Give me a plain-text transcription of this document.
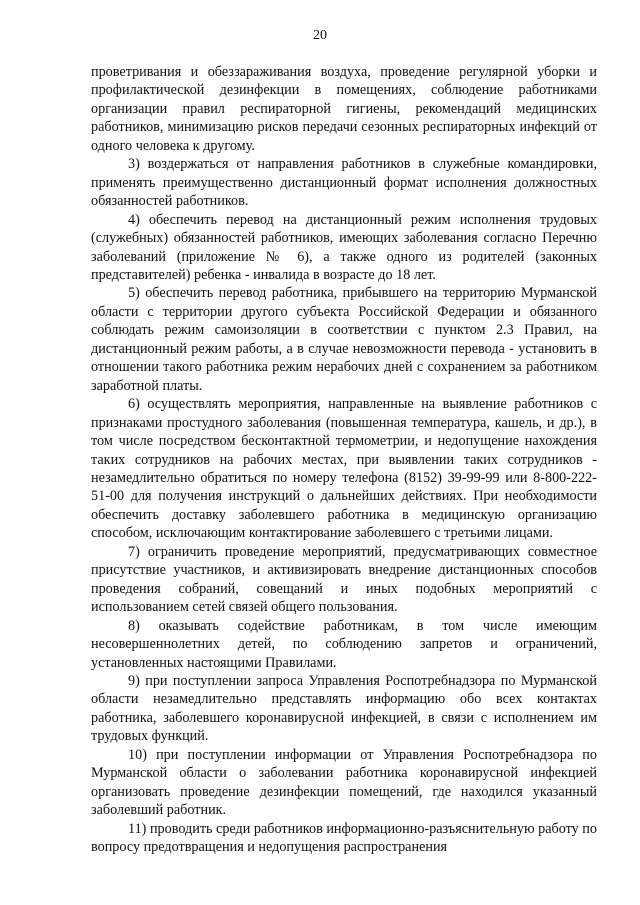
20

проветривания и обеззараживания воздуха, проведение регулярной уборки и профилактической дезинфекции в помещениях, соблюдение работниками организации правил респираторной гигиены, рекомендаций медицинских работников, минимизацию рисков передачи сезонных респираторных инфекций от одного человека к другому.

3) воздержаться от направления работников в служебные командировки, применять преимущественно дистанционный формат исполнения должностных обязанностей работников.

4) обеспечить перевод на дистанционный режим исполнения трудовых (служебных) обязанностей работников, имеющих заболевания согласно Перечню заболеваний (приложение № 6), а также одного из родителей (законных представителей) ребенка - инвалида в возрасте до 18 лет.

5) обеспечить перевод работника, прибывшего на территорию Мурманской области с территории другого субъекта Российской Федерации и обязанного соблюдать режим самоизоляции в соответствии с пунктом 2.3 Правил, на дистанционный режим работы, а в случае невозможности перевода - установить в отношении такого работника режим нерабочих дней с сохранением за работником заработной платы.

6) осуществлять мероприятия, направленные на выявление работников с признаками простудного заболевания (повышенная температура, кашель, и др.), в том числе посредством бесконтактной термометрии, и недопущение нахождения таких сотрудников на рабочих местах, при выявлении таких сотрудников - незамедлительно обратиться по номеру телефона (8152) 39-99-99 или 8-800-222-51-00 для получения инструкций о дальнейших действиях. При необходимости обеспечить доставку заболевшего работника в медицинскую организацию способом, исключающим контактирование заболевшего с третьими лицами.

7) ограничить проведение мероприятий, предусматривающих совместное присутствие участников, и активизировать внедрение дистанционных способов проведения собраний, совещаний и иных подобных мероприятий с использованием сетей связей общего пользования.

8) оказывать содействие работникам, в том числе имеющим несовершеннолетних детей, по соблюдению запретов и ограничений, установленных настоящими Правилами.

9) при поступлении запроса Управления Роспотребнадзора по Мурманской области незамедлительно представлять информацию обо всех контактах работника, заболевшего коронавирусной инфекцией, в связи с исполнением им трудовых функций.

10) при поступлении информации от Управления Роспотребнадзора по Мурманской области о заболевании работника коронавирусной инфекцией организовать проведение дезинфекции помещений, где находился указанный заболевший работник.

11) проводить среди работников информационно-разъяснительную работу по вопросу предотвращения и недопущения распространения
